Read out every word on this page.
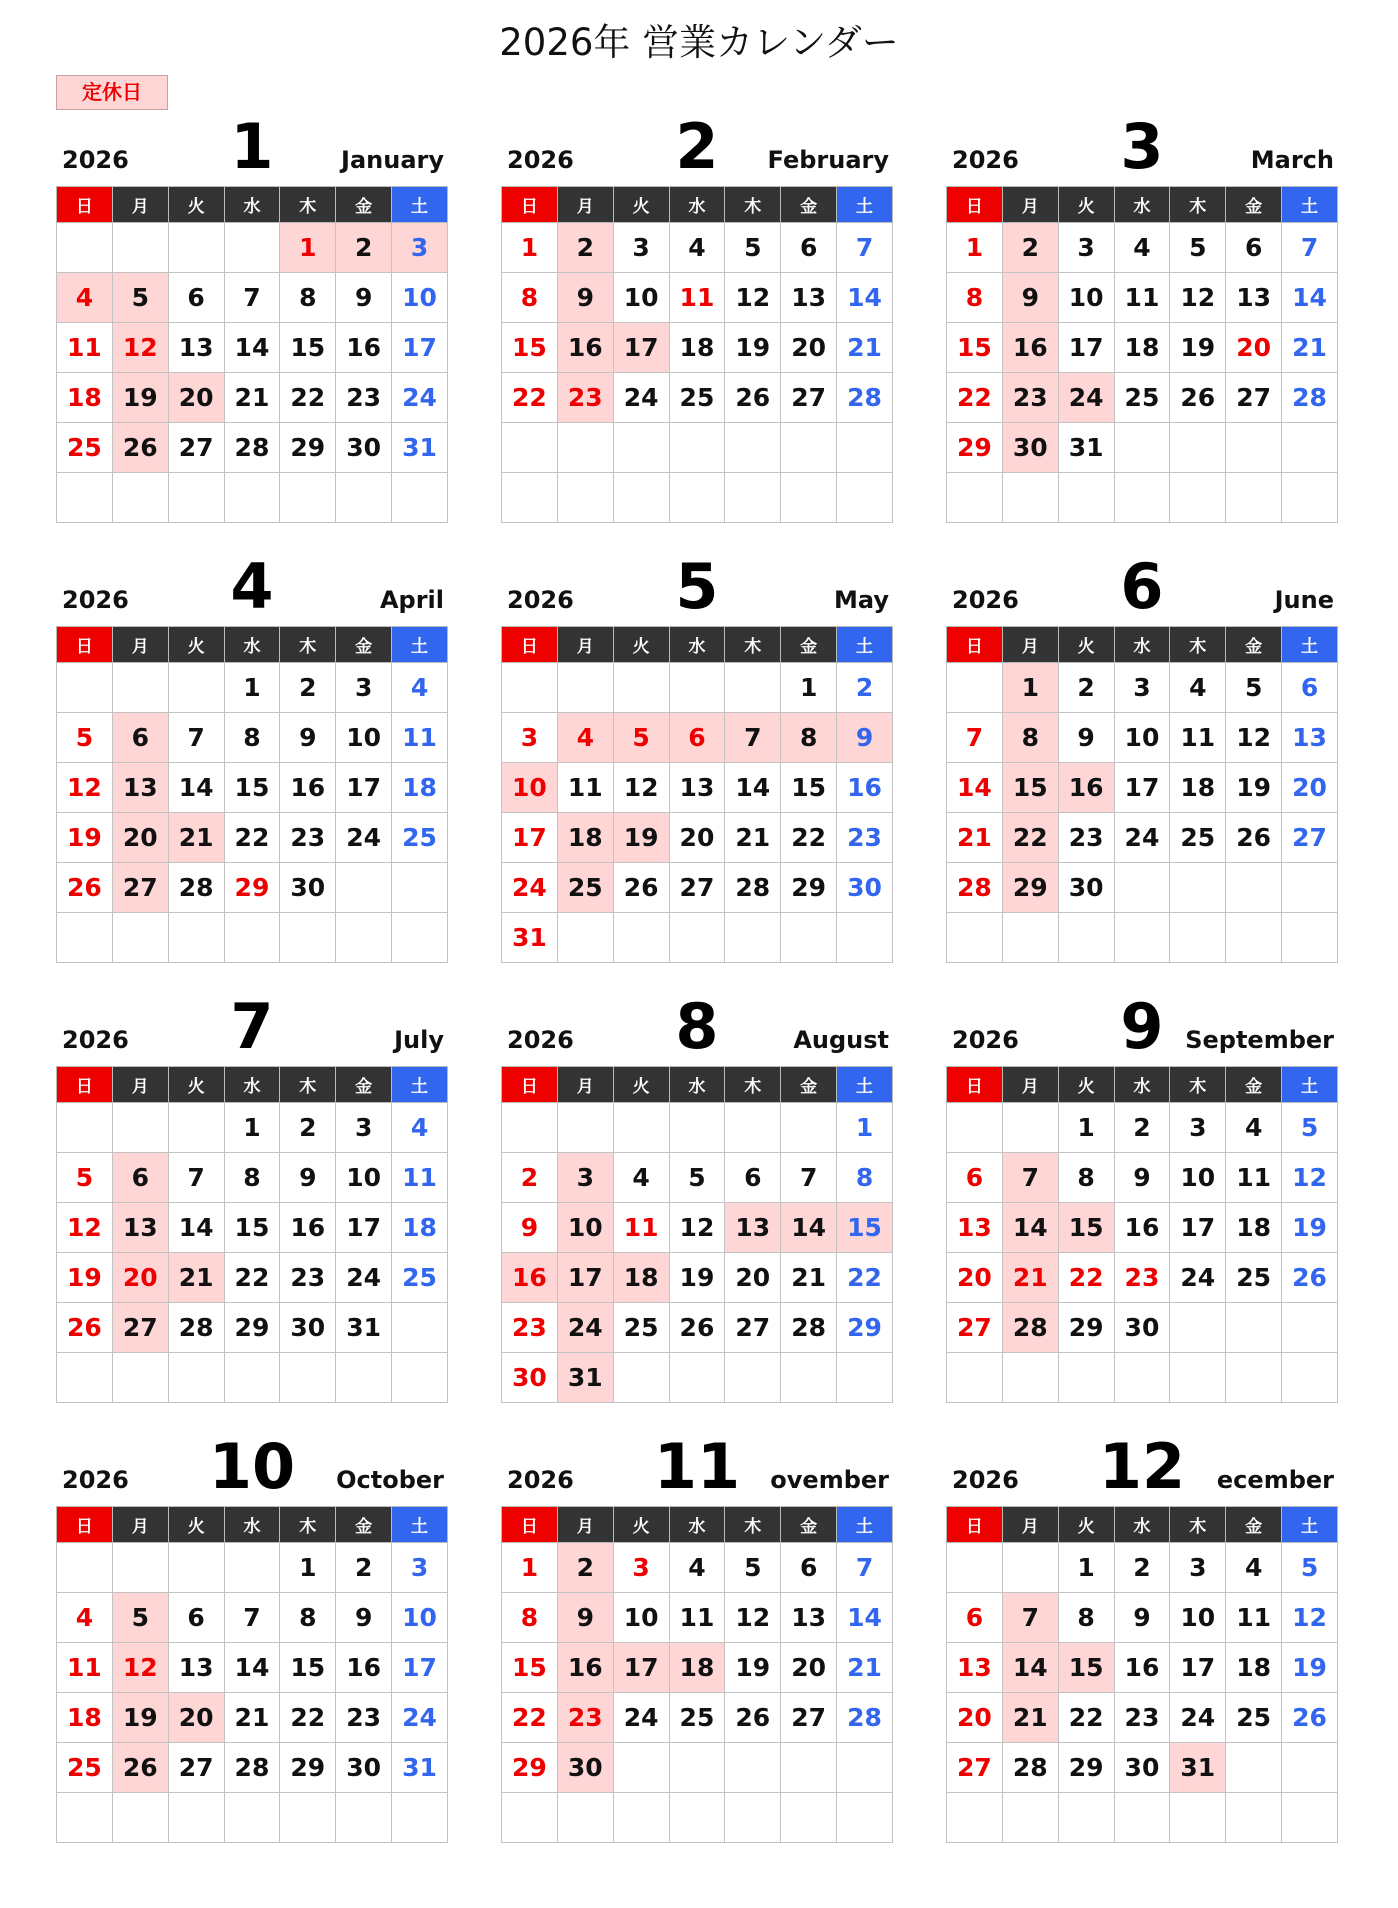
2026年 営業カレンダー
定休日
2026	1	January
日	月	火	水	木	金	土
				1	2	3
4	5	6	7	8	9	10
11	12	13	14	15	16	17
18	19	20	21	22	23	24
25	26	27	28	29	30	31

2026	2	February
日	月	火	水	木	金	土
1	2	3	4	5	6	7
8	9	10	11	12	13	14
15	16	17	18	19	20	21
22	23	24	25	26	27	28

2026	3	March
日	月	火	水	木	金	土
1	2	3	4	5	6	7
8	9	10	11	12	13	14
15	16	17	18	19	20	21
22	23	24	25	26	27	28
29	30	31				

2026	4	April
日	月	火	水	木	金	土
			1	2	3	4
5	6	7	8	9	10	11
12	13	14	15	16	17	18
19	20	21	22	23	24	25
26	27	28	29	30		

2026	5	May
日	月	火	水	木	金	土
					1	2
3	4	5	6	7	8	9
10	11	12	13	14	15	16
17	18	19	20	21	22	23
24	25	26	27	28	29	30
31						
2026	6	June
日	月	火	水	木	金	土
	1	2	3	4	5	6
7	8	9	10	11	12	13
14	15	16	17	18	19	20
21	22	23	24	25	26	27
28	29	30				

2026	7	July
日	月	火	水	木	金	土
			1	2	3	4
5	6	7	8	9	10	11
12	13	14	15	16	17	18
19	20	21	22	23	24	25
26	27	28	29	30	31	

2026	8	August
日	月	火	水	木	金	土
						1
2	3	4	5	6	7	8
9	10	11	12	13	14	15
16	17	18	19	20	21	22
23	24	25	26	27	28	29
30	31					
2026	9 September
日	月	火	水	木	金	土
		1	2	3	4	5
6	7	8	9	10	11	12
13	14	15	16	17	18	19
20	21	22	23	24	25	26
27	28	29	30			

2026	10	October
日	月	火	水	木	金	土
				1	2	3
4	5	6	7	8	9	10
11	12	13	14	15	16	17
18	19	20	21	22	23	24
25	26	27	28	29	30	31

2026	11	ovember
日	月	火	水	木	金	土
1	2	3	4	5	6	7
8	9	10	11	12	13	14
15	16	17	18	19	20	21
22	23	24	25	26	27	28
29	30					

2026	12	ecember
日	月	火	水	木	金	土
		1	2	3	4	5
6	7	8	9	10	11	12
13	14	15	16	17	18	19
20	21	22	23	24	25	26
27	28	29	30	31		
